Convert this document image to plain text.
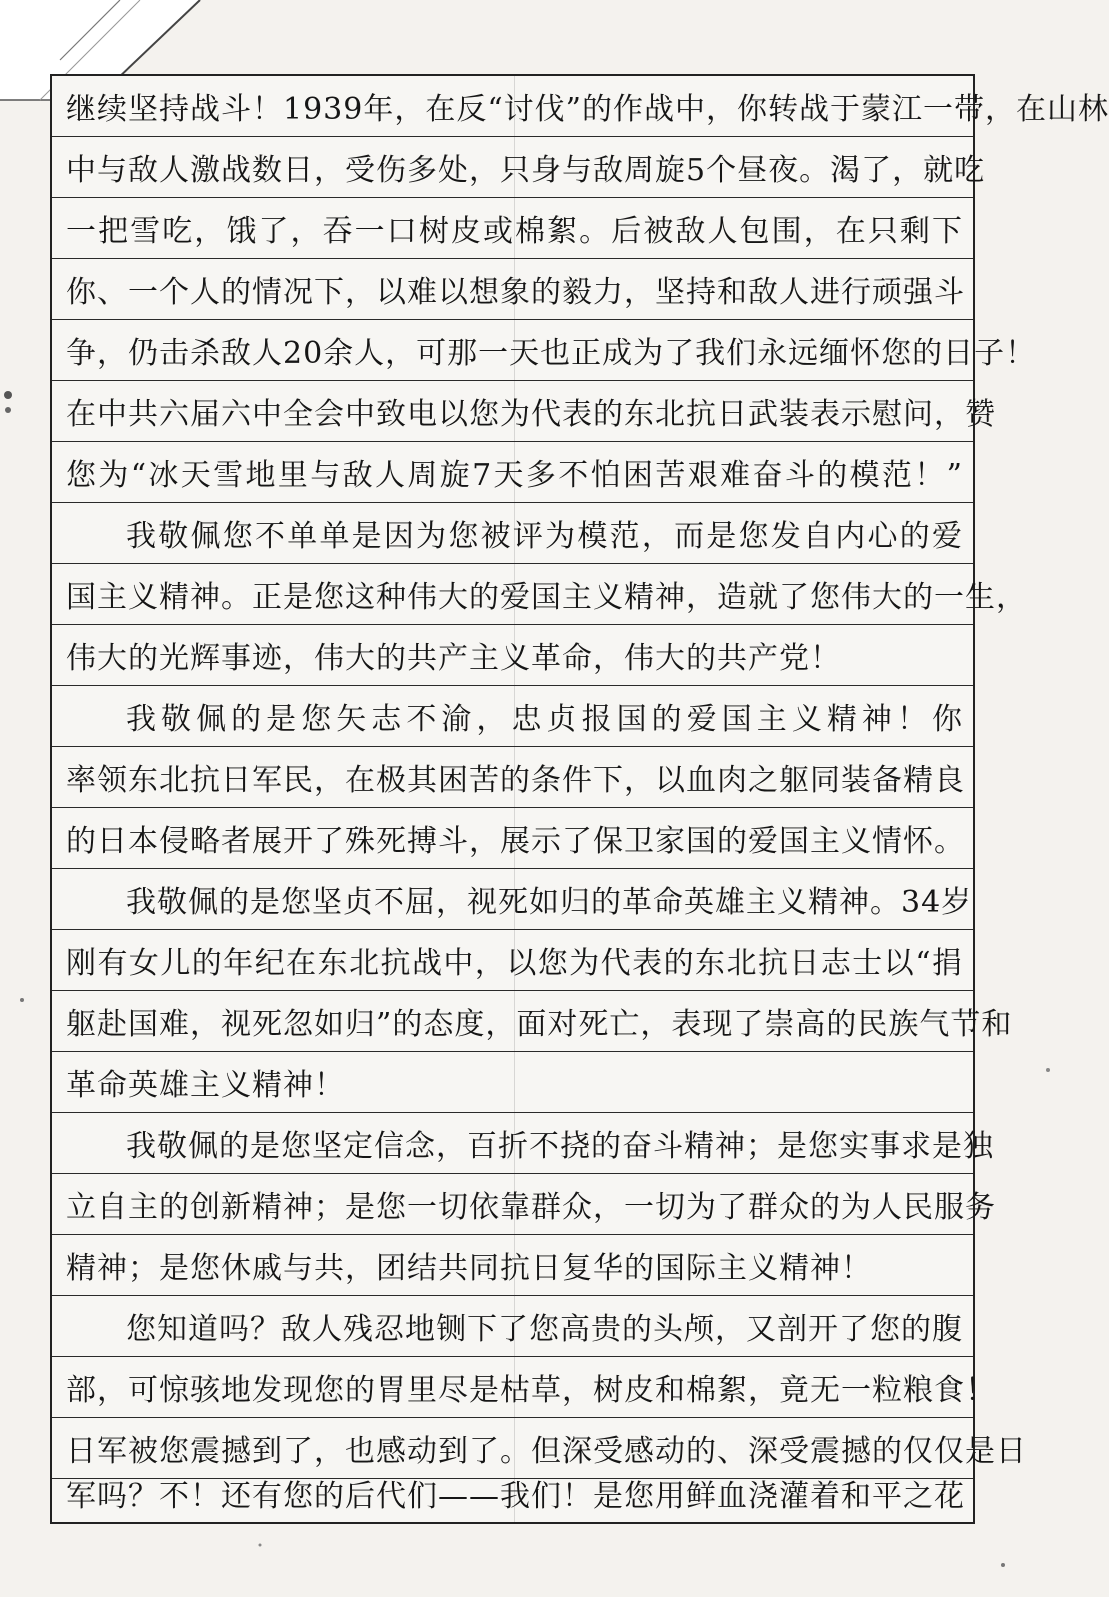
继续坚持战斗！1939年，在反“讨伐”的作战中，你转战于蒙江一带，在山林
中与敌人激战数日，受伤多处，只身与敌周旋5个昼夜。渴了，就吃
一把雪吃，饿了，吞一口树皮或棉絮。后被敌人包围，在只剩下
你、一个人的情况下，以难以想象的毅力，坚持和敌人进行顽强斗
争，仍击杀敌人20余人，可那一天也正成为了我们永远缅怀您的日子！
在中共六届六中全会中致电以您为代表的东北抗日武装表示慰问，赞
您为“冰天雪地里与敌人周旋7天多不怕困苦艰难奋斗的模范！”
我敬佩您不单单是因为您被评为模范，而是您发自内心的爱
国主义精神。正是您这种伟大的爱国主义精神，造就了您伟大的一生，
伟大的光辉事迹，伟大的共产主义革命，伟大的共产党！
我敬佩的是您矢志不渝，忠贞报国的爱国主义精神！你
率领东北抗日军民，在极其困苦的条件下，以血肉之躯同装备精良
的日本侵略者展开了殊死搏斗，展示了保卫家国的爱国主义情怀。
我敬佩的是您坚贞不屈，视死如归的革命英雄主义精神。34岁
刚有女儿的年纪在东北抗战中，以您为代表的东北抗日志士以“捐
躯赴国难，视死忽如归”的态度，面对死亡，表现了崇高的民族气节和
革命英雄主义精神！
我敬佩的是您坚定信念，百折不挠的奋斗精神；是您实事求是独
立自主的创新精神；是您一切依靠群众，一切为了群众的为人民服务
精神；是您休戚与共，团结共同抗日复华的国际主义精神！
您知道吗？敌人残忍地铡下了您高贵的头颅，又剖开了您的腹
部，可惊骇地发现您的胃里尽是枯草，树皮和棉絮，竟无一粒粮食！
日军被您震撼到了，也感动到了。但深受感动的、深受震撼的仅仅是日
军吗？不！还有您的后代们——我们！是您用鲜血浇灌着和平之花
